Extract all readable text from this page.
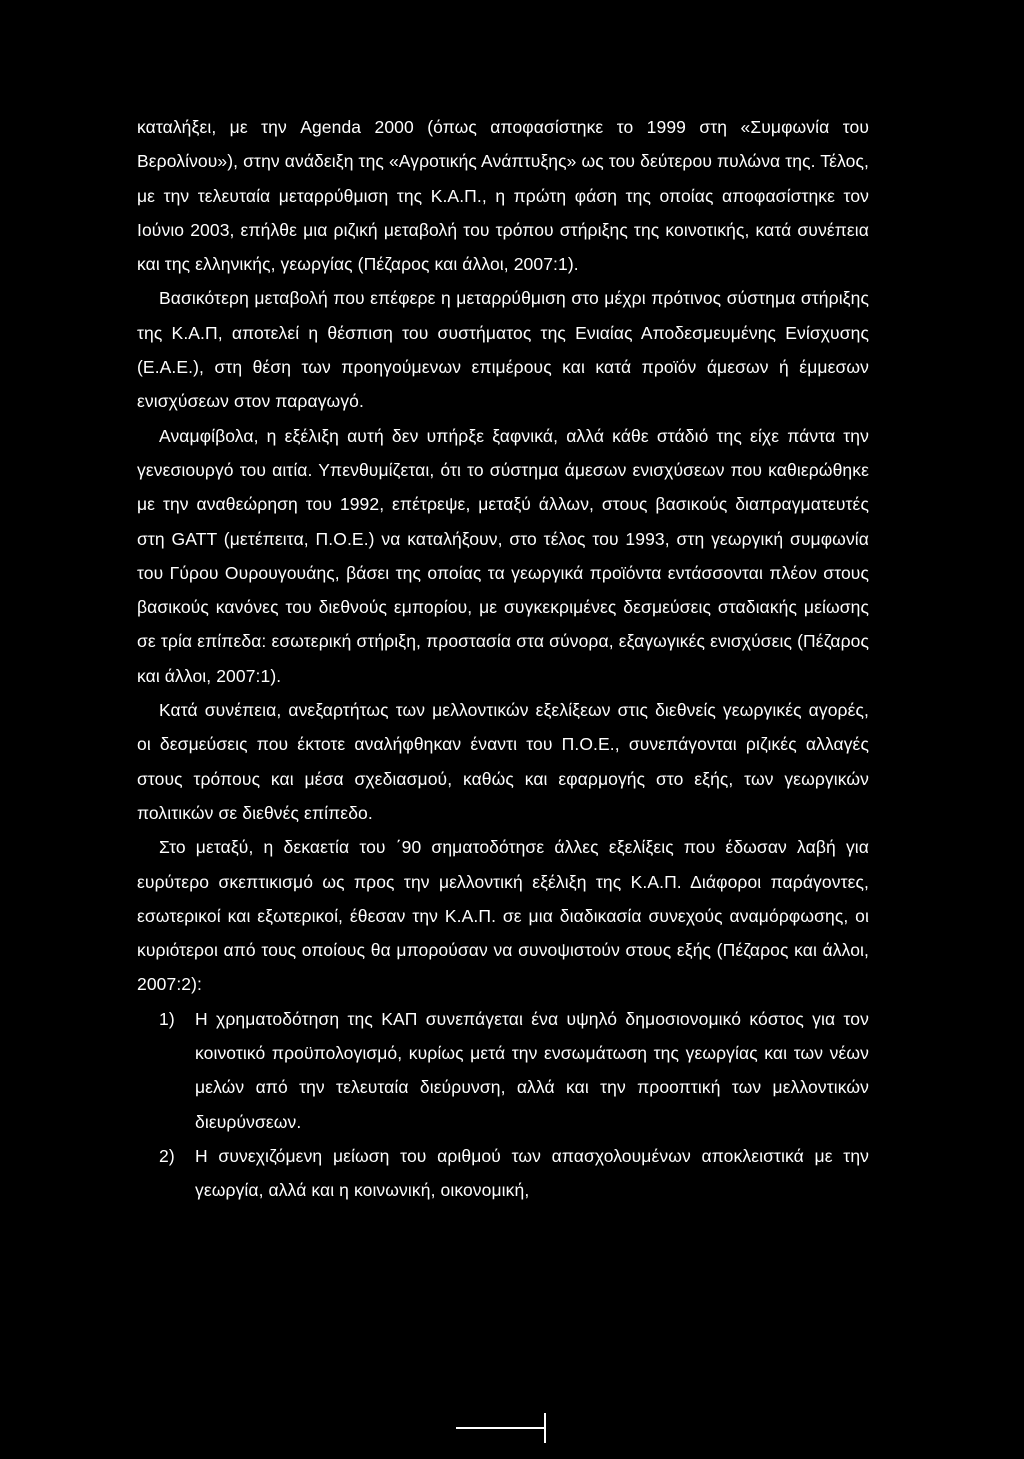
καταλήξει, με την Agenda 2000 (όπως αποφασίστηκε το 1999 στη «Συμφωνία του Βερολίνου»), στην ανάδειξη της «Αγροτικής Ανάπτυξης» ως του δεύτερου πυλώνα της. Τέλος, με την τελευταία μεταρρύθμιση της Κ.Α.Π., η πρώτη φάση της οποίας αποφασίστηκε τον Ιούνιο 2003, επήλθε μια ριζική μεταβολή του τρόπου στήριξης της κοινοτικής, κατά συνέπεια και της ελληνικής, γεωργίας (Πέζαρος και άλλοι, 2007:1).

Βασικότερη μεταβολή που επέφερε η μεταρρύθμιση στο μέχρι πρότινος σύστημα στήριξης της Κ.Α.Π, αποτελεί η θέσπιση του συστήματος της Ενιαίας Αποδεσμευμένης Ενίσχυσης (Ε.Α.Ε.), στη θέση των προηγούμενων επιμέρους και κατά προϊόν άμεσων ή έμμεσων ενισχύσεων στον παραγωγό.

Αναμφίβολα, η εξέλιξη αυτή δεν υπήρξε ξαφνικά, αλλά κάθε στάδιό της είχε πάντα την γενεσιουργό του αιτία. Υπενθυμίζεται, ότι το σύστημα άμεσων ενισχύσεων που καθιερώθηκε με την αναθεώρηση του 1992, επέτρεψε, μεταξύ άλλων, στους βασικούς διαπραγματευτές στη GATT (μετέπειτα, Π.Ο.Ε.) να καταλήξουν, στο τέλος του 1993, στη γεωργική συμφωνία του Γύρου Ουρουγουάης, βάσει της οποίας τα γεωργικά προϊόντα εντάσσονται πλέον στους βασικούς κανόνες του διεθνούς εμπορίου, με συγκεκριμένες δεσμεύσεις σταδιακής μείωσης σε τρία επίπεδα: εσωτερική στήριξη, προστασία στα σύνορα, εξαγωγικές ενισχύσεις (Πέζαρος και άλλοι, 2007:1).

Κατά συνέπεια, ανεξαρτήτως των μελλοντικών εξελίξεων στις διεθνείς γεωργικές αγορές, οι δεσμεύσεις που έκτοτε αναλήφθηκαν έναντι του Π.Ο.Ε., συνεπάγονται ριζικές αλλαγές στους τρόπους και μέσα σχεδιασμού, καθώς και εφαρμογής στο εξής, των γεωργικών πολιτικών σε διεθνές επίπεδο.

Στο μεταξύ, η δεκαετία του ΄90 σηματοδότησε άλλες εξελίξεις που έδωσαν λαβή για ευρύτερο σκεπτικισμό ως προς την μελλοντική εξέλιξη της Κ.Α.Π. Διάφοροι παράγοντες, εσωτερικοί και εξωτερικοί, έθεσαν την Κ.Α.Π. σε μια διαδικασία συνεχούς αναμόρφωσης, οι κυριότεροι από τους οποίους θα μπορούσαν να συνοψιστούν στους εξής (Πέζαρος και άλλοι, 2007:2):

1) Η χρηματοδότηση της ΚΑΠ συνεπάγεται ένα υψηλό δημοσιονομικό κόστος για τον κοινοτικό προϋπολογισμό, κυρίως μετά την ενσωμάτωση της γεωργίας και των νέων μελών από την τελευταία διεύρυνση, αλλά και την προοπτική των μελλοντικών διευρύνσεων.
2) Η συνεχιζόμενη μείωση του αριθμού των απασχολουμένων αποκλειστικά με την γεωργία, αλλά και η κοινωνική, οικονομική,
